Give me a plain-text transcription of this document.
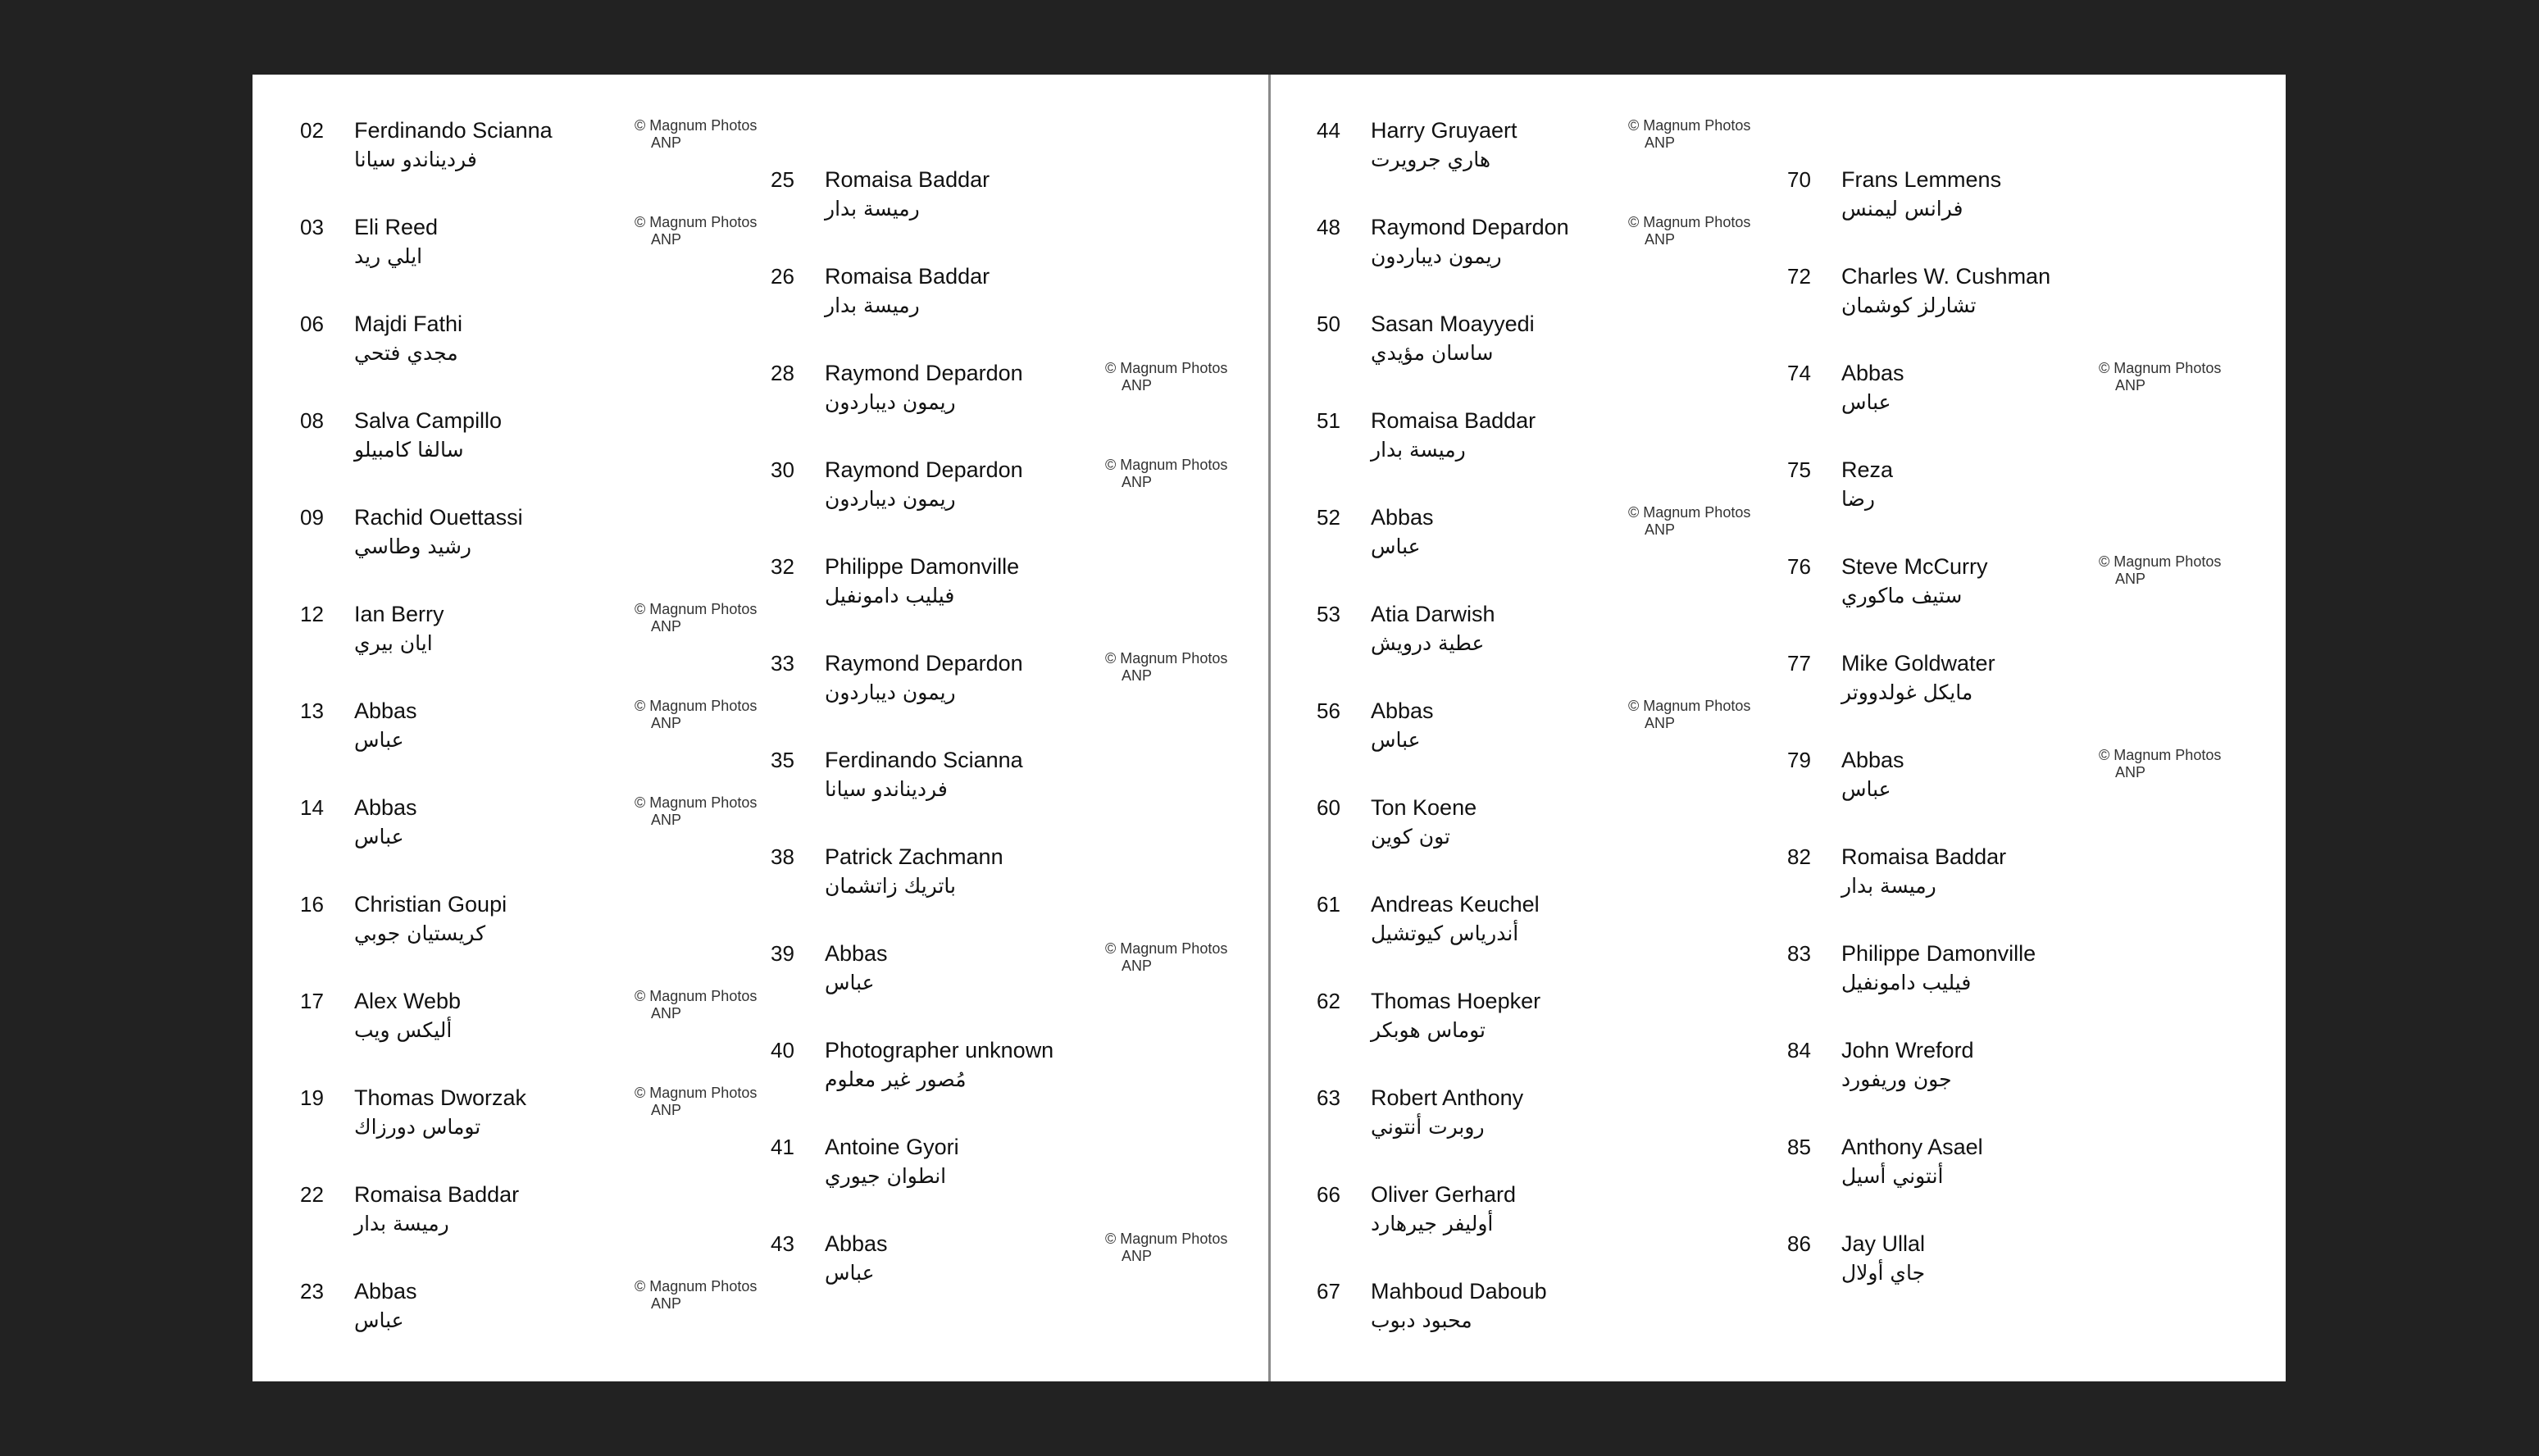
02 Ferdinando Scianna
فرديناندو سيانا
© Magnum Photos
ANP
03 Eli Reed
ايلي ريد
© Magnum Photos
ANP
06 Majdi Fathi
مجدي فتحي
08 Salva Campillo
سالفا كامبيلو
09 Rachid Ouettassi
رشيد وطاسي
12 Ian Berry
ايان بيري
© Magnum Photos
ANP
13 Abbas
عباس
© Magnum Photos
ANP
14 Abbas
عباس
© Magnum Photos
ANP
16 Christian Goupi
كريستيان جوبي
17 Alex Webb
أليكس ويب
© Magnum Photos
ANP
19 Thomas Dworzak
توماس دورزاك
© Magnum Photos
ANP
22 Romaisa Baddar
رميسة بدار
23 Abbas
عباس
© Magnum Photos
ANP
25 Romaisa Baddar
رميسة بدار
26 Romaisa Baddar
رميسة بدار
28 Raymond Depardon
ريمون ديباردون
© Magnum Photos
ANP
30 Raymond Depardon
ريمون ديباردون
© Magnum Photos
ANP
32 Philippe Damonville
فيليب دامونفيل
33 Raymond Depardon
ريمون ديباردون
© Magnum Photos
ANP
35 Ferdinando Scianna
فرديناندو سيانا
38 Patrick Zachmann
باتريك زاتشمان
39 Abbas
عباس
© Magnum Photos
ANP
40 Photographer unknown
مُصور غير معلوم
41 Antoine Gyori
انطوان جيوري
43 Abbas
عباس
© Magnum Photos
ANP
44 Harry Gruyaert
هاري جرويرت
© Magnum Photos
ANP
48 Raymond Depardon
ريمون ديباردون
© Magnum Photos
ANP
50 Sasan Moayyedi
ساسان مؤيدي
51 Romaisa Baddar
رميسة بدار
52 Abbas
عباس
© Magnum Photos
ANP
53 Atia Darwish
عطية درويش
56 Abbas
عباس
© Magnum Photos
ANP
60 Ton Koene
تون كوين
61 Andreas Keuchel
أندرياس كيوتشيل
62 Thomas Hoepker
توماس هوبكر
63 Robert Anthony
روبرت أنتوني
66 Oliver Gerhard
أوليفر جيرهارد
67 Mahboud Daboub
محبود دبوب
70 Frans Lemmens
فرانس ليمنس
72 Charles W. Cushman
تشارلز كوشمان
74 Abbas
عباس
© Magnum Photos
ANP
75 Reza
رضا
76 Steve McCurry
ستيف ماكوري
© Magnum Photos
ANP
77 Mike Goldwater
مايكل غولدووتر
79 Abbas
عباس
© Magnum Photos
ANP
82 Romaisa Baddar
رميسة بدار
83 Philippe Damonville
فيليب دامونفيل
84 John Wreford
جون وريفورد
85 Anthony Asael
أنتوني أسيل
86 Jay Ullal
جاي أولال
